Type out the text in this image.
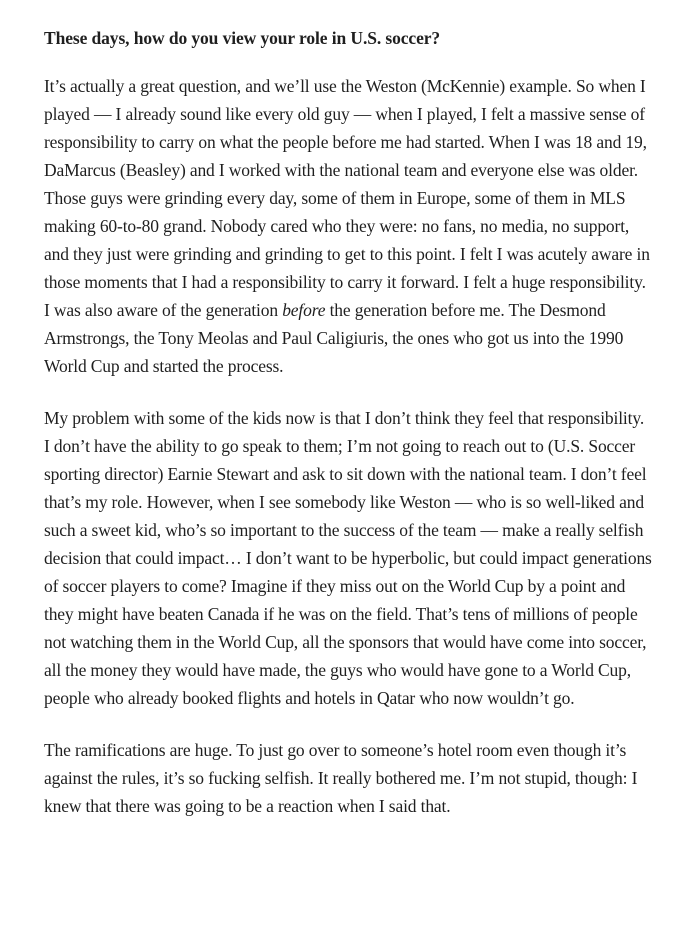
These days, how do you view your role in U.S. soccer?

It’s actually a great question, and we’ll use the Weston (McKennie) example. So when I played — I already sound like every old guy — when I played, I felt a massive sense of responsibility to carry on what the people before me had started. When I was 18 and 19, DaMarcus (Beasley) and I worked with the national team and everyone else was older. Those guys were grinding every day, some of them in Europe, some of them in MLS making 60-to-80 grand. Nobody cared who they were: no fans, no media, no support, and they just were grinding and grinding to get to this point. I felt I was acutely aware in those moments that I had a responsibility to carry it forward. I felt a huge responsibility. I was also aware of the generation before the generation before me. The Desmond Armstrongs, the Tony Meolas and Paul Caligiuris, the ones who got us into the 1990 World Cup and started the process.

My problem with some of the kids now is that I don’t think they feel that responsibility. I don’t have the ability to go speak to them; I’m not going to reach out to (U.S. Soccer sporting director) Earnie Stewart and ask to sit down with the national team. I don’t feel that’s my role. However, when I see somebody like Weston — who is so well-liked and such a sweet kid, who’s so important to the success of the team — make a really selfish decision that could impact… I don’t want to be hyperbolic, but could impact generations of soccer players to come? Imagine if they miss out on the World Cup by a point and they might have beaten Canada if he was on the field. That’s tens of millions of people not watching them in the World Cup, all the sponsors that would have come into soccer, all the money they would have made, the guys who would have gone to a World Cup, people who already booked flights and hotels in Qatar who now wouldn’t go.

The ramifications are huge. To just go over to someone’s hotel room even though it’s against the rules, it’s so fucking selfish. It really bothered me. I’m not stupid, though: I knew that there was going to be a reaction when I said that.
